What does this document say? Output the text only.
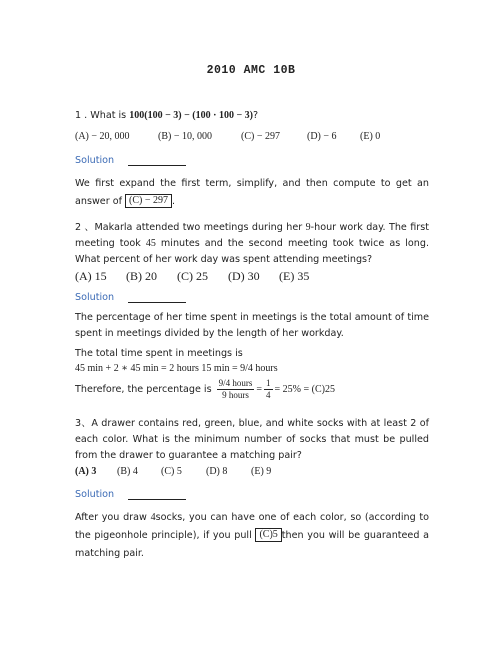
2010 AMC 10B

1 . What is 100(100 − 3) − (100 · 100 − 3)?

(A) − 20, 000	(B) − 10, 000	(C) − 297	(D) − 6 (E) 0
Solution

We first expand the first term, simplify, and then compute to get an answer of (C) − 297 .

2 、Makarla attended two meetings during her 9-hour work day. The first meeting took 45 minutes and the second meeting took twice as long. What percent of her work day was spent attending meetings?

(A) 15 (B) 20 (C) 25 (D) 30 (E) 35
Solution

The percentage of her time spent in meetings is the total amount of time spent in meetings divided by the length of her workday.

The total time spent in meetings is

45 min + 2 ∗ 45 min = 2 hours 15 min = 9/4 hours
Therefore, the percentage is $\frac{\text{9/4 hours}}{\text{9 hours}} = \frac{1}{4} = 25\% = (C)25$

3、A drawer contains red, green, blue, and white socks with at least 2 of each color. What is the minimum number of socks that must be pulled from the drawer to guarantee a matching pair?

(A) 3 (B) 4 (C) 5 (D) 8 (E) 9
Solution

After you draw 4socks, you can have one of each color, so (according to the pigeonhole principle), if you pull (C)5 then you will be guaranteed a matching pair.
